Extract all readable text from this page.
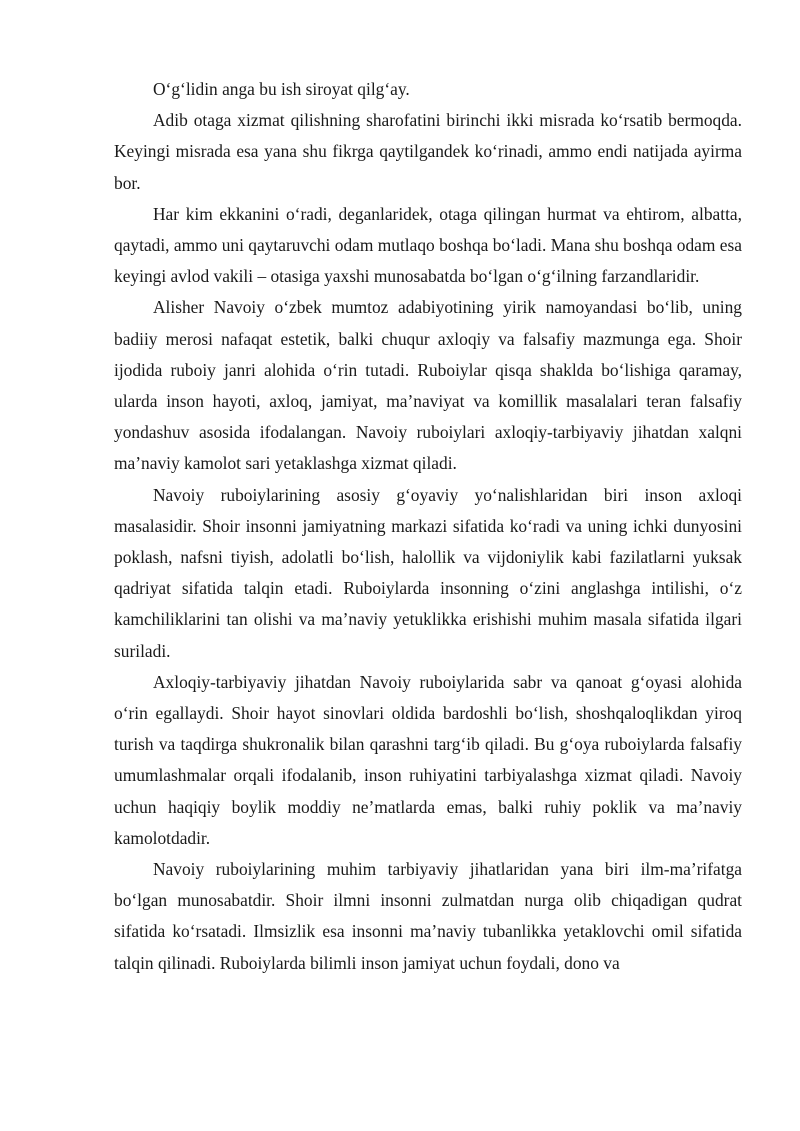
O‘g‘lidin anga bu ish siroyat qilg‘ay.

Adib otaga xizmat qilishning sharofatini birinchi ikki misrada ko‘rsatib bermoqda. Keyingi misrada esa yana shu fikrga qaytilgandek ko‘rinadi, ammo endi natijada ayirma bor.

Har kim ekkanini o‘radi, deganlaridek, otaga qilingan hurmat va ehtirom, albatta, qaytadi, ammo uni qaytaruvchi odam mutlaqo boshqa bo‘ladi. Mana shu boshqa odam esa keyingi avlod vakili – otasiga yaxshi munosabatda bo‘lgan o‘g‘ilning farzandlaridir.

Alisher Navoiy o‘zbek mumtoz adabiyotining yirik namoyandasi bo‘lib, uning badiiy merosi nafaqat estetik, balki chuqur axloqiy va falsafiy mazmunga ega. Shoir ijodida ruboiy janri alohida o‘rin tutadi. Ruboiylar qisqa shaklda bo‘lishiga qaramay, ularda inson hayoti, axloq, jamiyat, ma’naviyat va komillik masalalari teran falsafiy yondashuv asosida ifodalangan. Navoiy ruboiylari axloqiy-tarbiyaviy jihatdan xalqni ma’naviy kamolot sari yetaklashga xizmat qiladi.

Navoiy ruboiylarining asosiy g‘oyaviy yo‘nalishlaridan biri inson axloqi masalasidir. Shoir insonni jamiyatning markazi sifatida ko‘radi va uning ichki dunyosini poklash, nafsni tiyish, adolatli bo‘lish, halollik va vijdoniylik kabi fazilatlarni yuksak qadriyat sifatida talqin etadi. Ruboiylarda insonning o‘zini anglashga intilishi, o‘z kamchiliklarini tan olishi va ma’naviy yetuklikka erishishi muhim masala sifatida ilgari suriladi.

Axloqiy-tarbiyaviy jihatdan Navoiy ruboiylarida sabr va qanoat g‘oyasi alohida o‘rin egallaydi. Shoir hayot sinovlari oldida bardoshli bo‘lish, shoshqaloqlikdan yiroq turish va taqdirga shukronalik bilan qarashni targ‘ib qiladi. Bu g‘oya ruboiylarda falsafiy umumlashmalar orqali ifodalanib, inson ruhiyatini tarbiyalashga xizmat qiladi. Navoiy uchun haqiqiy boylik moddiy ne’matlarda emas, balki ruhiy poklik va ma’naviy kamolotdadir.

Navoiy ruboiylarining muhim tarbiyaviy jihatlaridan yana biri ilm-ma’rifatga bo‘lgan munosabatdir. Shoir ilmni insonni zulmatdan nurga olib chiqadigan qudrat sifatida ko‘rsatadi. Ilmsizlik esa insonni ma’naviy tubanlikka yetaklovchi omil sifatida talqin qilinadi. Ruboiylarda bilimli inson jamiyat uchun foydali, dono va
